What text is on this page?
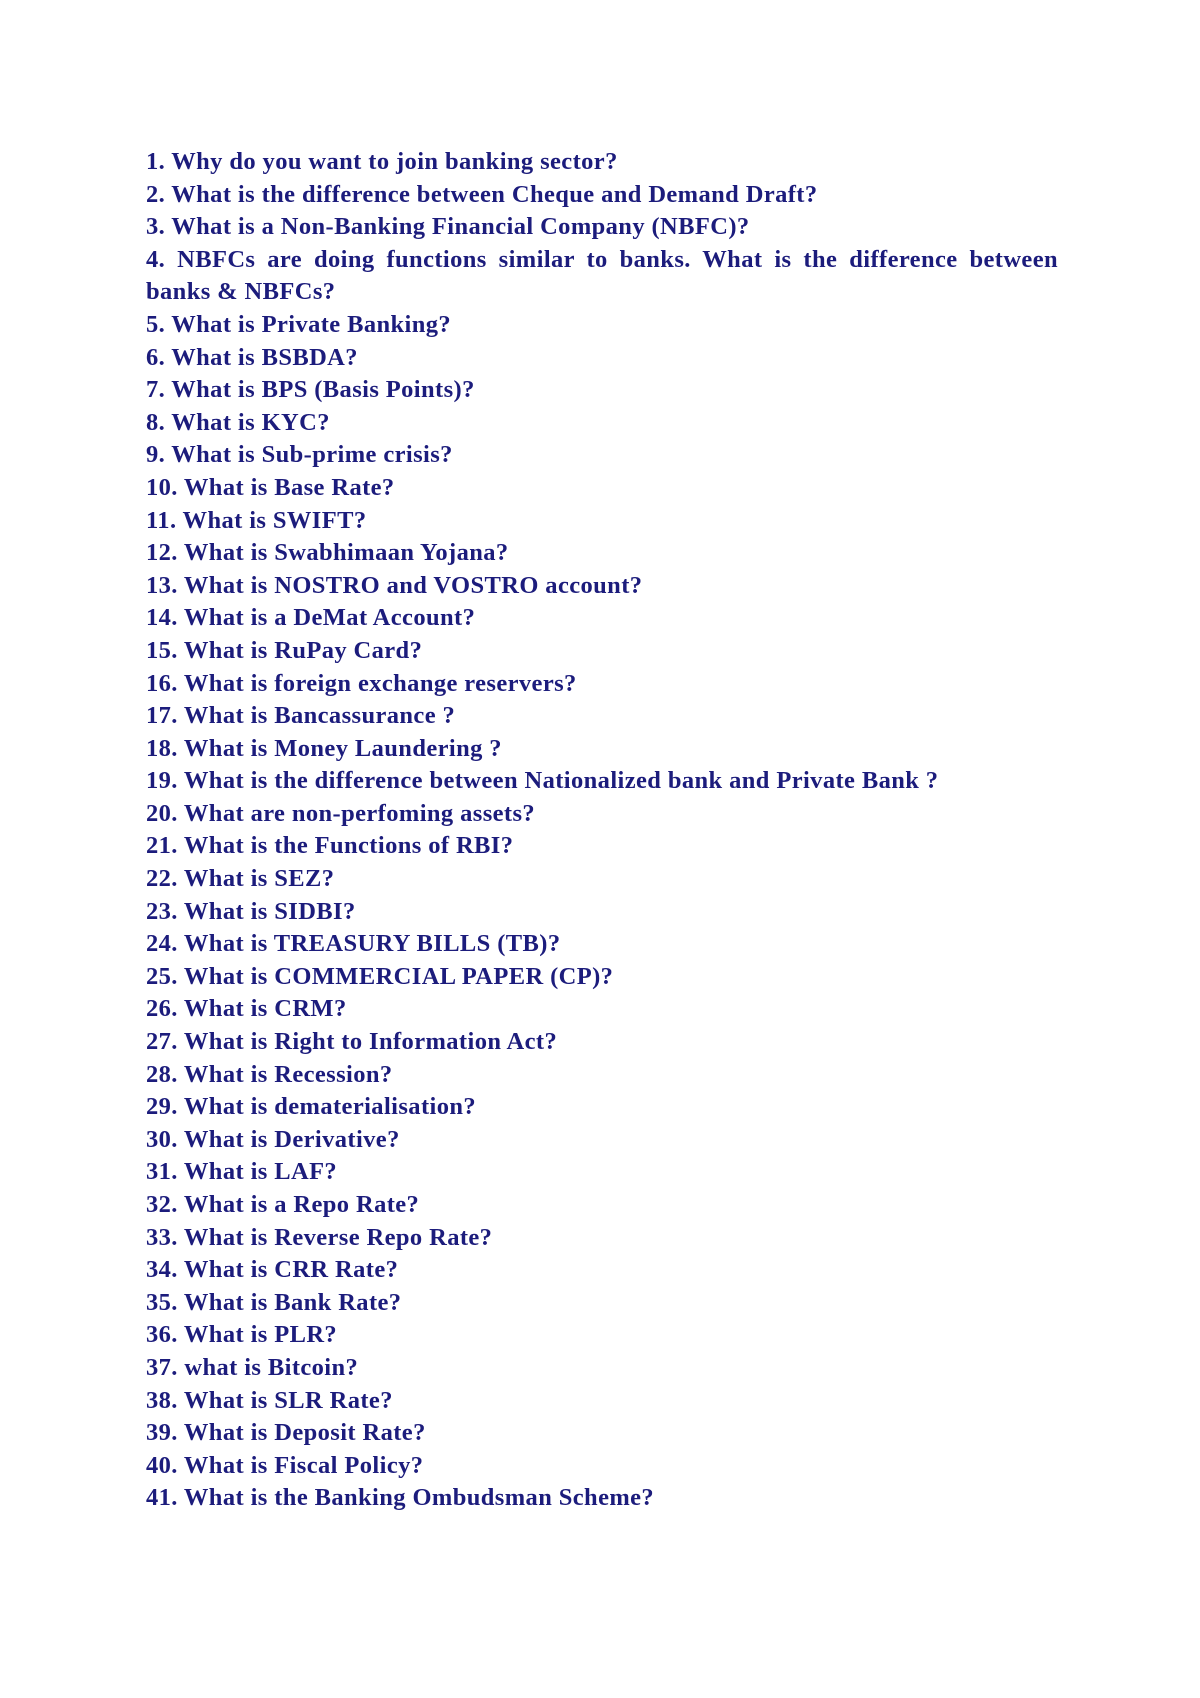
1. Why do you want to join banking sector?
2. What is the difference between Cheque and Demand Draft?
3. What is a Non-Banking Financial Company (NBFC)?
4. NBFCs are doing functions similar to banks. What is the difference between banks & NBFCs?
5. What is Private Banking?
6. What is BSBDA?
7. What is BPS (Basis Points)?
8. What is KYC?
9. What is Sub-prime crisis?
10. What is Base Rate?
11. What is SWIFT?
12. What is Swabhimaan Yojana?
13. What is NOSTRO and VOSTRO account?
14. What is a DeMat Account?
15. What is RuPay Card?
16. What is foreign exchange reservers?
17. What is Bancassurance ?
18. What is Money Laundering ?
19. What is the difference between Nationalized bank and Private Bank ?
20. What are non-perfoming assets?
21. What is the Functions of RBI?
22. What is SEZ?
23. What is SIDBI?
24. What is TREASURY BILLS (TB)?
25. What is COMMERCIAL PAPER (CP)?
26. What is CRM?
27. What is Right to Information Act?
28. What is Recession?
29. What is dematerialisation?
30. What is Derivative?
31. What is LAF?
32. What is a Repo Rate?
33. What is Reverse Repo Rate?
34. What is CRR Rate?
35. What is Bank Rate?
36. What is PLR?
37. what is Bitcoin?
38. What is SLR Rate?
39. What is Deposit Rate?
40. What is Fiscal Policy?
41. What is the Banking Ombudsman Scheme?
